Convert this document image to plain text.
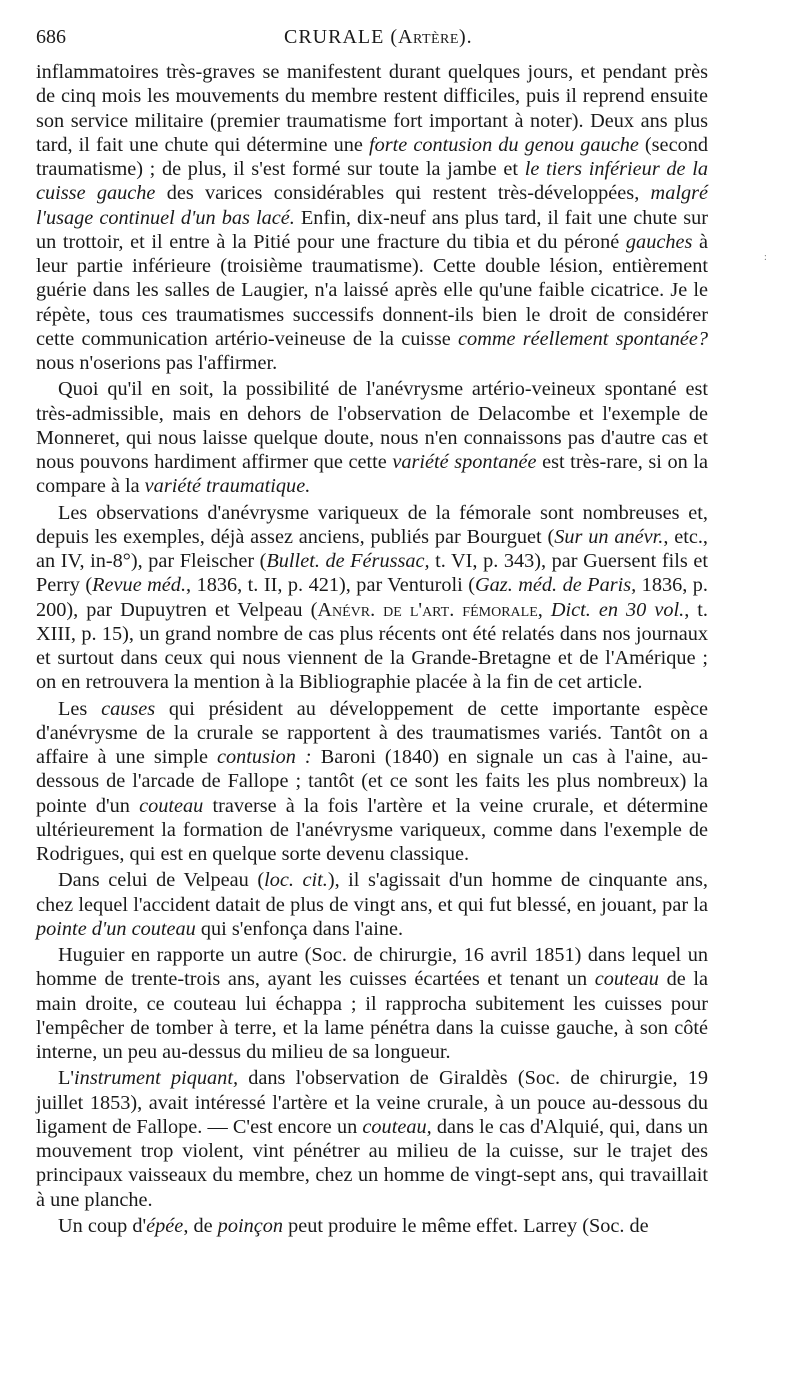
686	CRURALE (Artère).
:

inflammatoires très-graves se manifestent durant quelques jours, et pendant près de cinq mois les mouvements du membre restent difficiles, puis il reprend ensuite son service militaire (premier traumatisme fort important à noter). Deux ans plus tard, il fait une chute qui détermine une forte contusion du genou gauche (second traumatisme) ; de plus, il s'est formé sur toute la jambe et le tiers inférieur de la cuisse gauche des varices considérables qui restent très-développées, malgré l'usage continuel d'un bas lacé. Enfin, dix-neuf ans plus tard, il fait une chute sur un trottoir, et il entre à la Pitié pour une fracture du tibia et du péroné gauches à leur partie inférieure (troisième traumatisme). Cette double lésion, entièrement guérie dans les salles de Laugier, n'a laissé après elle qu'une faible cicatrice. Je le répète, tous ces traumatismes successifs donnent-ils bien le droit de considérer cette communication artério-veineuse de la cuisse comme réellement spontanée? nous n'oserions pas l'affirmer.

Quoi qu'il en soit, la possibilité de l'anévrysme artério-veineux spontané est très-admissible, mais en dehors de l'observation de Delacombe et l'exemple de Monneret, qui nous laisse quelque doute, nous n'en connaissons pas d'autre cas et nous pouvons hardiment affirmer que cette variété spontanée est très-rare, si on la compare à la variété traumatique.

Les observations d'anévrysme variqueux de la fémorale sont nombreuses et, depuis les exemples, déjà assez anciens, publiés par Bourguet (Sur un anévr., etc., an IV, in-8°), par Fleischer (Bullet. de Férussac, t. VI, p. 343), par Guersent fils et Perry (Revue méd., 1836, t. II, p. 421), par Venturoli (Gaz. méd. de Paris, 1836, p. 200), par Dupuytren et Velpeau (Anévr. de l'art. fémorale, Dict. en 30 vol., t. XIII, p. 15), un grand nombre de cas plus récents ont été relatés dans nos journaux et surtout dans ceux qui nous viennent de la Grande-Bretagne et de l'Amérique ; on en retrouvera la mention à la Bibliographie placée à la fin de cet article.

Les causes qui président au développement de cette importante espèce d'anévrysme de la crurale se rapportent à des traumatismes variés. Tantôt on a affaire à une simple contusion : Baroni (1840) en signale un cas à l'aine, au-dessous de l'arcade de Fallope ; tantôt (et ce sont les faits les plus nombreux) la pointe d'un couteau traverse à la fois l'artère et la veine crurale, et détermine ultérieurement la formation de l'anévrysme variqueux, comme dans l'exemple de Rodrigues, qui est en quelque sorte devenu classique.

Dans celui de Velpeau (loc. cit.), il s'agissait d'un homme de cinquante ans, chez lequel l'accident datait de plus de vingt ans, et qui fut blessé, en jouant, par la pointe d'un couteau qui s'enfonça dans l'aine.

Huguier en rapporte un autre (Soc. de chirurgie, 16 avril 1851) dans lequel un homme de trente-trois ans, ayant les cuisses écartées et tenant un couteau de la main droite, ce couteau lui échappa ; il rapprocha subitement les cuisses pour l'empêcher de tomber à terre, et la lame pénétra dans la cuisse gauche, à son côté interne, un peu au-dessus du milieu de sa longueur.

L'instrument piquant, dans l'observation de Giraldès (Soc. de chirurgie, 19 juillet 1853), avait intéressé l'artère et la veine crurale, à un pouce au-dessous du ligament de Fallope. — C'est encore un couteau, dans le cas d'Alquié, qui, dans un mouvement trop violent, vint pénétrer au milieu de la cuisse, sur le trajet des principaux vaisseaux du membre, chez un homme de vingt-sept ans, qui travaillait à une planche.

Un coup d'épée, de poinçon peut produire le même effet. Larrey (Soc. de
